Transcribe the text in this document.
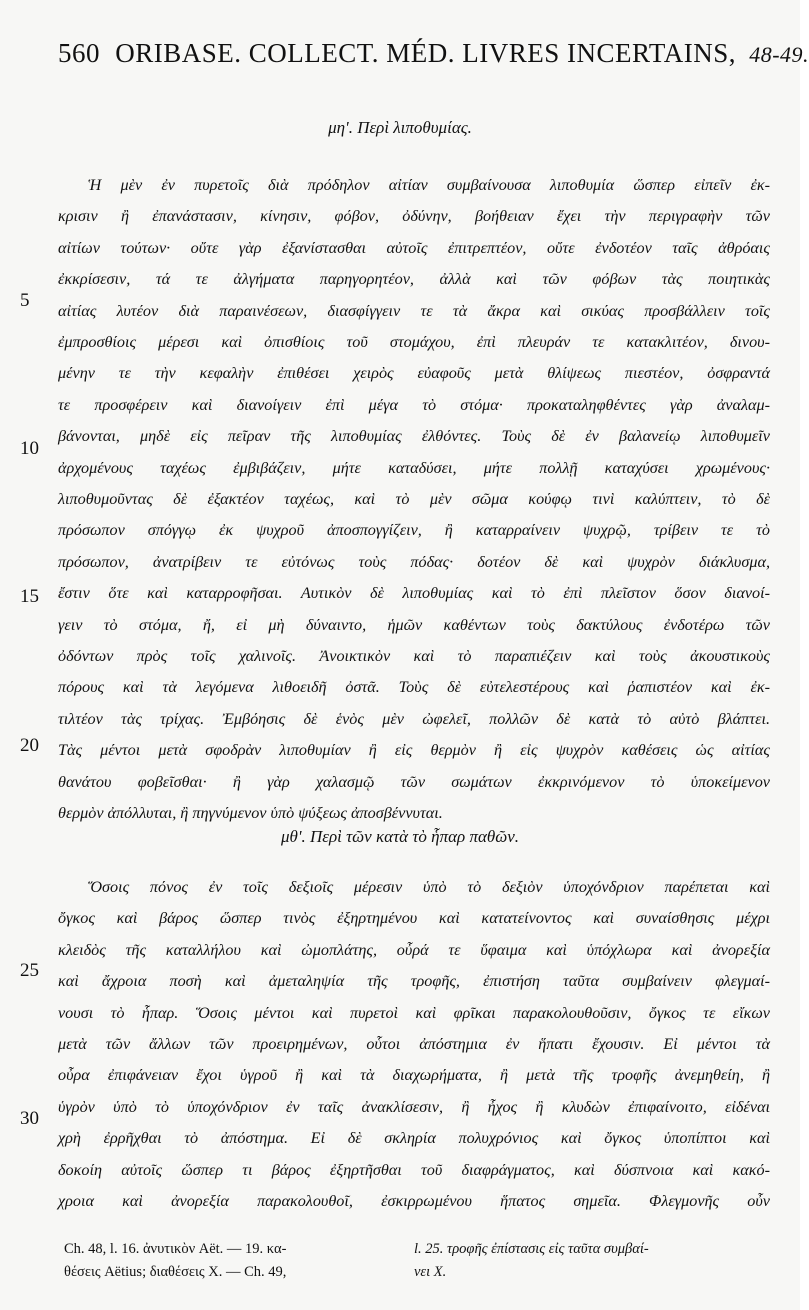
560 ORIBASE. COLLECT. MÉD. LIVRES INCERTAINS, 48-49.
μη'. Περὶ λιποθυμίας.
Ἡ μὲν ἐν πυρετοῖς διὰ πρόδηλον αἰτίαν συμβαίνουσα λιποθυμία ὥσπερ εἰπεῖν ἐκ-
κρισιν ἢ ἐπανάστασιν, κίνησιν, φόβον, ὀδύνην, βοήθειαν ἔχει τὴν περιγραφὴν τῶν
αἰτίων τούτων· οὔτε γὰρ ἐξανίστασθαι αὐτοῖς ἐπιτρεπτέον, οὔτε ἐνδοτέον ταῖς ἀθρόαις
ἐκκρίσεσιν, τά τε ἀλγήματα παρηγορητέον, ἀλλὰ καὶ τῶν φόβων τὰς ποιητικὰς
αἰτίας λυτέον διὰ παραινέσεων, διασφίγγειν τε τὰ ἄκρα καὶ σικύας προσβάλλειν τοῖς
ἐμπροσθίοις μέρεσι καὶ ὀπισθίοις τοῦ στομάχου, ἐπὶ πλευράν τε κατακλιτέον, δινου-
μένην τε τὴν κεφαλὴν ἐπιθέσει χειρὸς εὐαφοῦς μετὰ θλίψεως πιεστέον, ὀσφραντά
τε προσφέρειν καὶ διανοίγειν ἐπὶ μέγα τὸ στόμα· προκαταληφθέντες γὰρ ἀναλαμ-
βάνονται, μηδὲ εἰς πεῖραν τῆς λιποθυμίας ἐλθόντες. Τοὺς δὲ ἐν βαλανείῳ λιποθυμεῖν
ἀρχομένους ταχέως ἐμβιβάζειν, μήτε καταδύσει, μήτε πολλῇ καταχύσει χρωμένους·
λιποθυμοῦντας δὲ ἐξακτέον ταχέως, καὶ τὸ μὲν σῶμα κούφῳ τινὶ καλύπτειν, τὸ δὲ
πρόσωπον σπόγγῳ ἐκ ψυχροῦ ἀποσπογγίζειν, ἢ καταρραίνειν ψυχρῷ, τρίβειν τε τὸ
πρόσωπον, ἀνατρίβειν τε εὐτόνως τοὺς πόδας· δοτέον δὲ καὶ ψυχρὸν διάκλυσμα,
ἔστιν ὅτε καὶ καταρροφῆσαι. Αυτικὸν δὲ λιποθυμίας καὶ τὸ ἐπὶ πλεῖστον ὅσον διανοί-
γειν τὸ στόμα, ἤ, εἰ μὴ δύναιντο, ἡμῶν καθέντων τοὺς δακτύλους ἐνδοτέρω τῶν
ὀδόντων πρὸς τοῖς χαλινοῖς. Ἀνοικτικὸν καὶ τὸ παραπιέζειν καὶ τοὺς ἀκουστικοὺς
πόρους καὶ τὰ λεγόμενα λιθοειδῆ ὀστᾶ. Τοὺς δὲ εὐτελεστέρους καὶ ῥαπιστέον καὶ ἐκ-
τιλτέον τὰς τρίχας. Ἐμβόησις δὲ ἑνὸς μὲν ὠφελεῖ, πολλῶν δὲ κατὰ τὸ αὐτὸ βλάπτει.
Τὰς μέντοι μετὰ σφοδρὰν λιποθυμίαν ἢ εἰς θερμὸν ἢ εἰς ψυχρὸν καθέσεις ὡς αἰτίας
θανάτου φοβεῖσθαι· ἢ γὰρ χαλασμῷ τῶν σωμάτων ἐκκρινόμενον τὸ ὑποκείμενον
θερμὸν ἀπόλλυται, ἢ πηγνύμενον ὑπὸ ψύξεως ἀποσβέννυται.
μθ'. Περὶ τῶν κατὰ τὸ ἧπαρ παθῶν.
Ὅσοις πόνος ἐν τοῖς δεξιοῖς μέρεσιν ὑπὸ τὸ δεξιὸν ὑποχόνδριον παρέπεται καὶ
ὄγκος καὶ βάρος ὥσπερ τινὸς ἐξηρτημένου καὶ κατατείνοντος καὶ συναίσθησις μέχρι
κλειδὸς τῆς καταλλήλου καὶ ὠμοπλάτης, οὖρά τε ὕφαιμα καὶ ὑπόχλωρα καὶ ἀνορεξία
καὶ ἄχροια ποσὴ καὶ ἀμεταληψία τῆς τροφῆς, ἐπιστήση ταῦτα συμβαίνειν φλεγμαί-
νουσι τὸ ἧπαρ. Ὅσοις μέντοι καὶ πυρετοὶ καὶ φρῖκαι παρακολουθοῦσιν, ὄγκος τε εἴκων
μετὰ τῶν ἄλλων τῶν προειρημένων, οὗτοι ἀπόστημια ἐν ἥπατι ἔχουσιν. Εἰ μέντοι τὰ
οὖρα ἐπιφάνειαν ἔχοι ὑγροῦ ἢ καὶ τὰ διαχωρήματα, ἢ μετὰ τῆς τροφῆς ἀνεμηθείη, ἢ
ὑγρὸν ὑπὸ τὸ ὑποχόνδριον ἐν ταῖς ἀνακλίσεσιν, ἢ ἦχος ἢ κλυδὼν ἐπιφαίνοιτο, εἰδέναι
χρὴ ἐρρῆχθαι τὸ ἀπόστημα. Εἰ δὲ σκληρία πολυχρόνιος καὶ ὄγκος ὑποπίπτοι καὶ
δοκοίη αὐτοῖς ὥσπερ τι βάρος ἐξηρτῆσθαι τοῦ διαφράγματος, καὶ δύσπνοια καὶ κακό-
χροια καὶ ἀνορεξία παρακολουθοῖ, ἐσκιρρωμένου ἥπατος σημεῖα. Φλεγμονῆς οὖν
5
10
15
20
25
30
Ch. 48, l. 16. ἀνυτικὸν Aët. — 19. κα-	l. 25. τροφῆς ἐπίστασις εἰς ταῦτα συμβαί-
θέσεις Aëtius; διαθέσεις X. — Ch. 49,	νει X.
